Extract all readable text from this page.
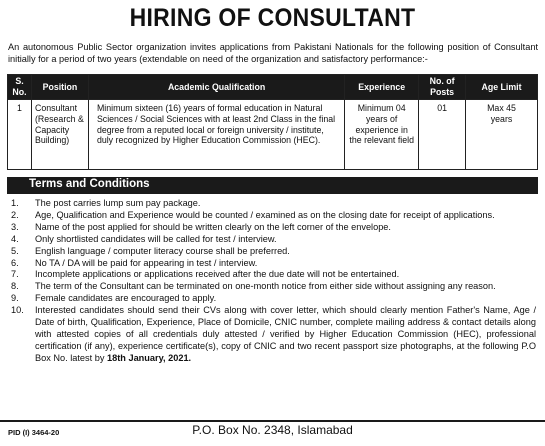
HIRING OF CONSULTANT
An autonomous Public Sector organization invites applications from Pakistani Nationals for the following position of Consultant initially for a period of two years (extendable on need of the organization and satisfactory performance:-
S. No.	Position	Academic Qualification	Experience	No. of Posts	Age Limit
1	Consultant (Research & Capacity Building)	Minimum sixteen (16) years of formal education in Natural Sciences / Social Sciences with at least 2nd Class in the final degree from a reputed local or foreign university / institute, duly recognized by Higher Education Commission (HEC).	Minimum 04 years of experience in the relevant field	01	Max 45 years
Terms and Conditions
1. The post carries lump sum pay package.
2. Age, Qualification and Experience would be counted / examined as on the closing date for receipt of applications.
3. Name of the post applied for should be written clearly on the left corner of the envelope.
4. Only shortlisted candidates will be called for test / interview.
5. English language / computer literacy course shall be preferred.
6. No TA / DA will be paid for appearing in test / interview.
7. Incomplete applications or applications received after the due date will not be entertained.
8. The term of the Consultant can be terminated on one-month notice from either side without assigning any reason.
9. Female candidates are encouraged to apply.
10. Interested candidates should send their CVs along with cover letter, which should clearly mention Father's Name, Age / Date of birth, Qualification, Experience, Place of Domicile, CNIC number, complete mailing address & contact details along with attested copies of all credentials duly attested / verified by Higher Education Commission (HEC), professional certification (if any), experience certificate(s), copy of CNIC and two recent passport size photographs, at the following P.O Box No. latest by 18th January, 2021.
PID (I) 3464-20	P.O. Box No. 2348, Islamabad
